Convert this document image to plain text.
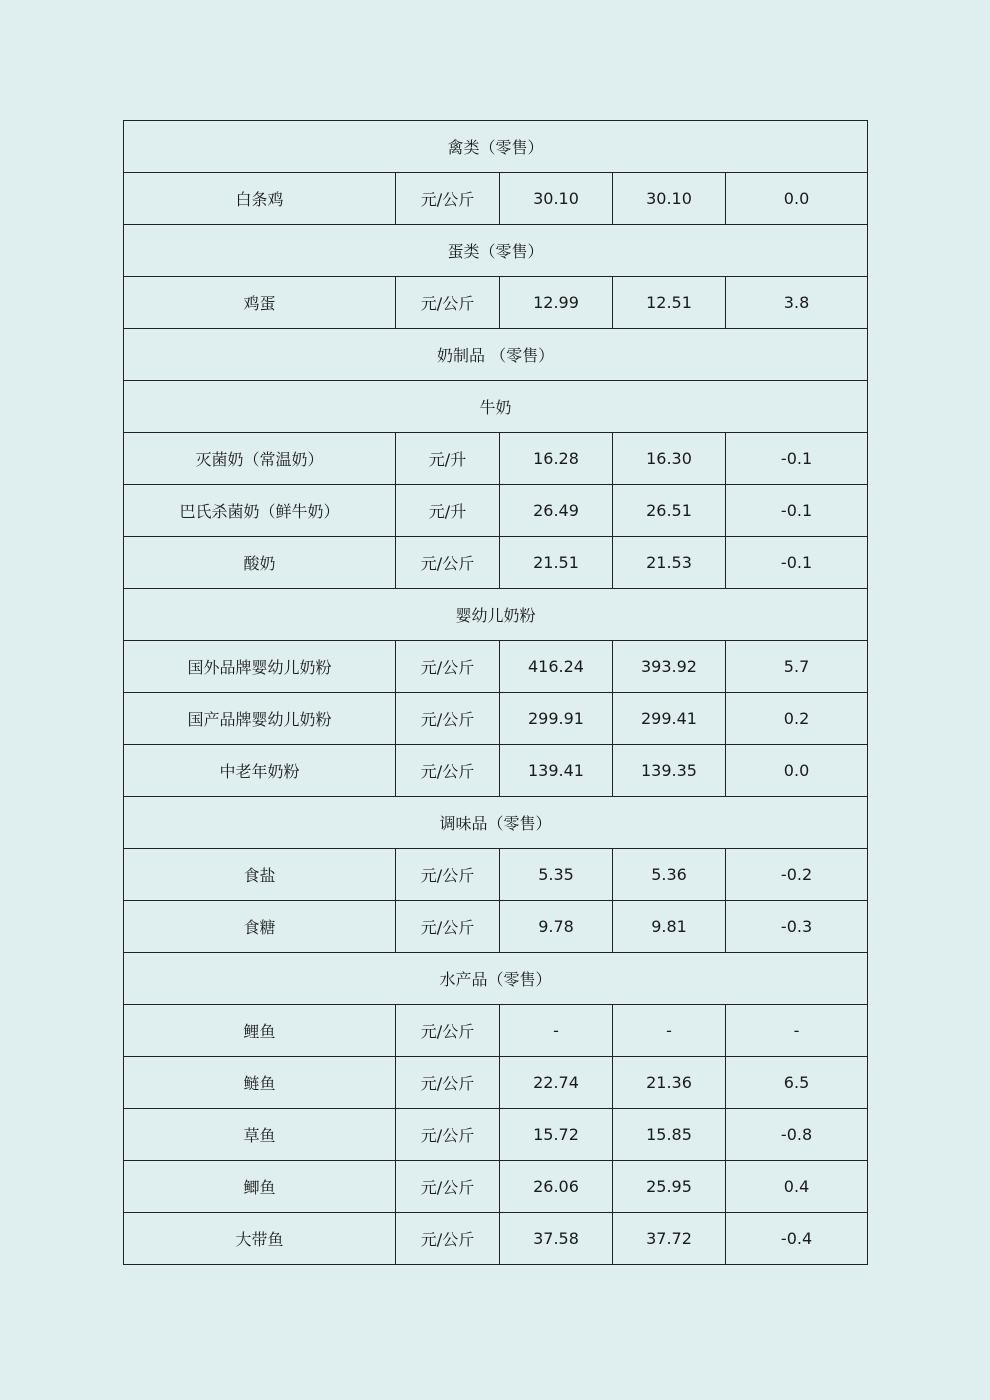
禽类（零售）				
白条鸡	元/公斤	30.10	30.10	0.0
蛋类（零售）				
鸡蛋	元/公斤	12.99	12.51	3.8
奶制品 （零售）				
牛奶				
灭菌奶（常温奶）	元/升	16.28	16.30	-0.1
巴氏杀菌奶（鲜牛奶）	元/升	26.49	26.51	-0.1
酸奶	元/公斤	21.51	21.53	-0.1
婴幼儿奶粉				
国外品牌婴幼儿奶粉	元/公斤	416.24	393.92	5.7
国产品牌婴幼儿奶粉	元/公斤	299.91	299.41	0.2
中老年奶粉	元/公斤	139.41	139.35	0.0
调味品（零售）				
食盐	元/公斤	5.35	5.36	-0.2
食糖	元/公斤	9.78	9.81	-0.3
水产品（零售）				
鲤鱼	元/公斤	-	-	-
鲢鱼	元/公斤	22.74	21.36	6.5
草鱼	元/公斤	15.72	15.85	-0.8
鲫鱼	元/公斤	26.06	25.95	0.4
大带鱼	元/公斤	37.58	37.72	-0.4
